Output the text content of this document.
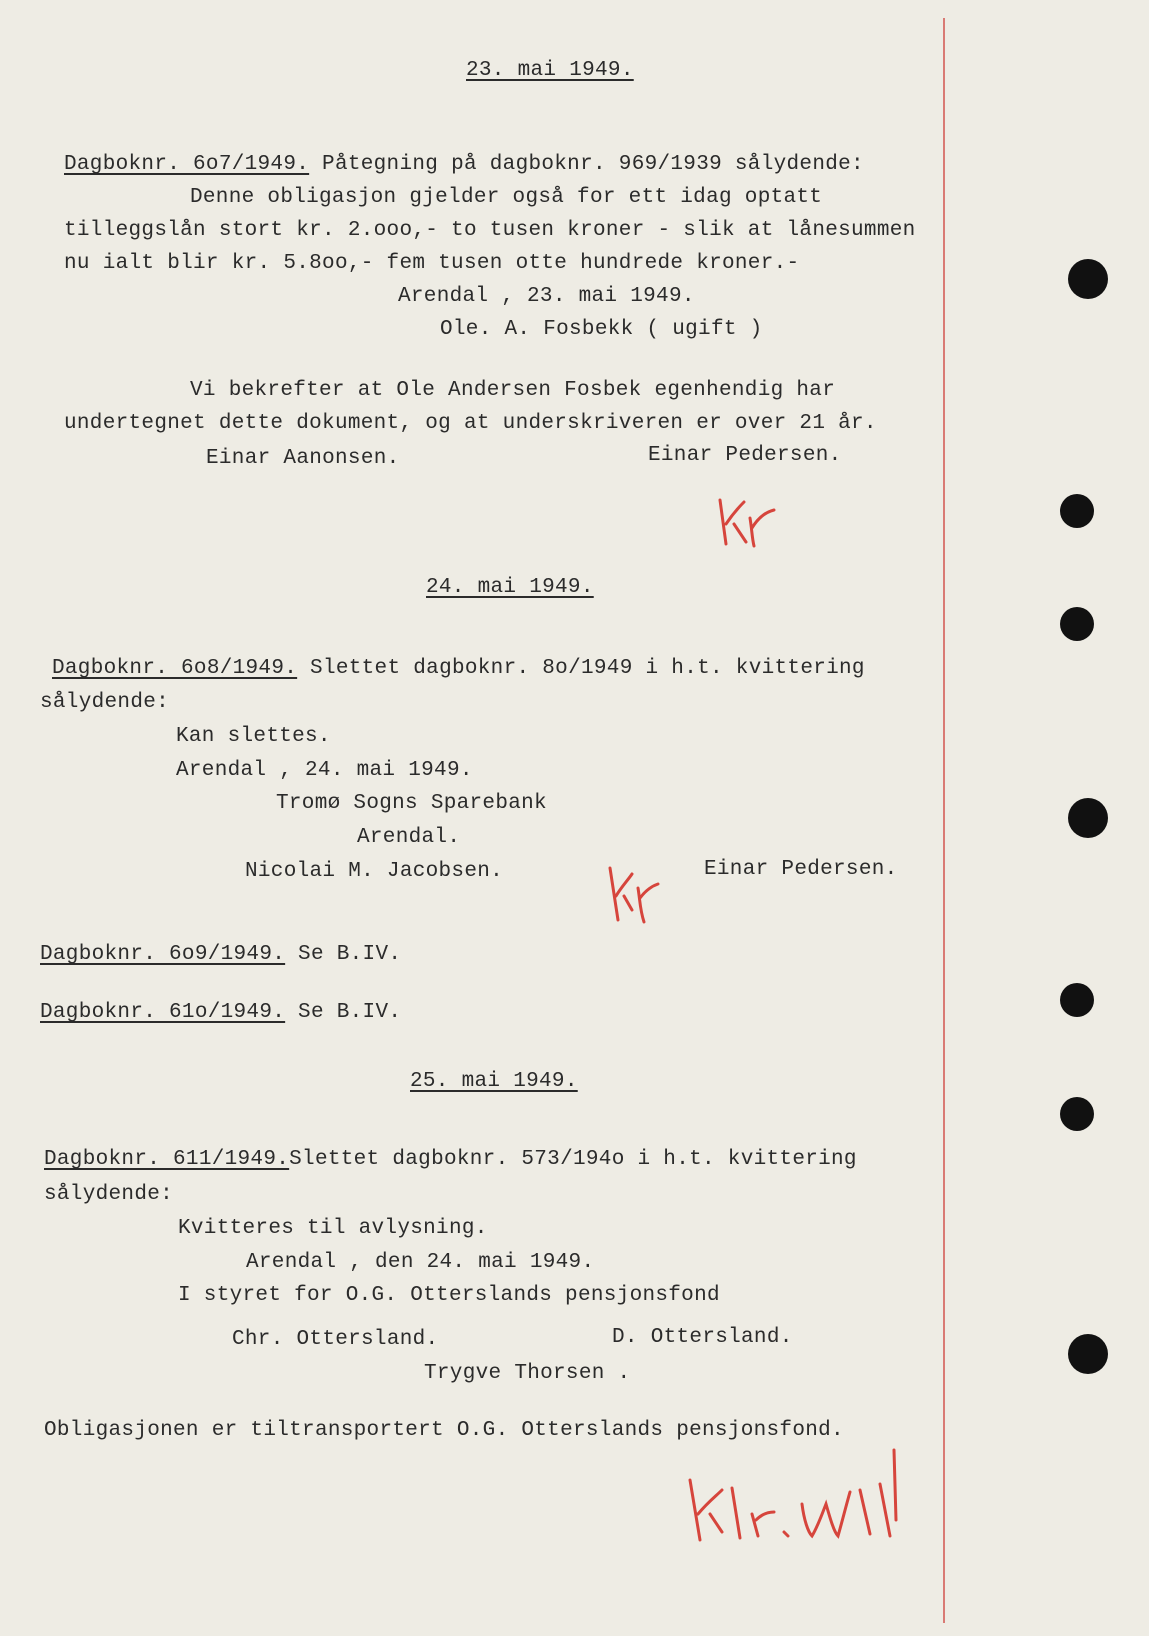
23. mai 1949.
Dagboknr. 6o7/1949. Påtegning på dagboknr. 969/1939 sålydende:
Denne obligasjon gjelder også for ett idag optatt
tilleggslån stort kr. 2.ooo,- to tusen kroner - slik at lånesummen
nu ialt blir kr. 5.8oo,- fem tusen otte hundrede kroner.-
Arendal , 23. mai 1949.
Ole. A. Fosbekk ( ugift )
Vi bekrefter at Ole Andersen Fosbek egenhendig har
undertegnet dette dokument, og at underskriveren er over 21 år.
Einar Aanonsen.	Einar Pedersen.
24. mai 1949.
Dagboknr. 6o8/1949. Slettet dagboknr. 8o/1949 i h.t. kvittering
sålydende:
Kan slettes.
Arendal , 24. mai 1949.
Tromø Sogns Sparebank
Arendal.
Nicolai M. Jacobsen.	Einar Pedersen.
Dagboknr. 6o9/1949. Se B.IV.
Dagboknr. 61o/1949. Se B.IV.
25. mai 1949.
Dagboknr. 611/1949.Slettet dagboknr. 573/194o i h.t. kvittering
sålydende:
Kvitteres til avlysning.
Arendal , den 24. mai 1949.
I styret for O.G. Otterslands pensjonsfond
Chr. Ottersland.	D. Ottersland.
Trygve Thorsen .
Obligasjonen er tiltransportert O.G. Otterslands pensjonsfond.
